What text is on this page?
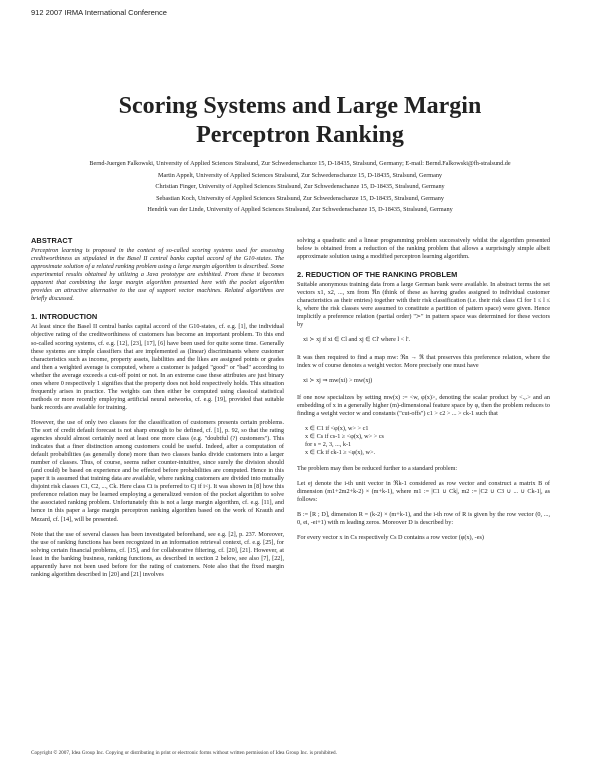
912 2007 IRMA International Conference
Scoring Systems and Large Margin
Perceptron Ranking
Bernd-Juergen Falkowski, University of Applied Sciences Stralsund, Zur Schwedenschanze 15, D-18435, Stralsund, Germany; E-mail: Bernd.Falkowski@fh-stralsund.de
Martin Appelt, University of Applied Sciences Stralsund, Zur Schwedenschanze 15, D-18435, Stralsund, Germany
Christian Finger, University of Applied Sciences Stralsund, Zur Schwedenschanze 15, D-18435, Stralsund, Germany
Sebastian Koch, University of Applied Sciences Stralsund, Zur Schwedenschanze 15, D-18435, Stralsund, Germany
Hendrik van der Linde, University of Applied Sciences Stralsund, Zur Schwedenschanze 15, D-18435, Stralsund, Germany
ABSTRACT

Perceptron learning is proposed in the context of so-called scoring systems used for assessing creditworthiness as stipulated in the Basel II central banks capital accord of the G10-states. The approximate solution of a related ranking problem using a large margin algorithm is described. Some experimental results obtained by utilizing a Java prototype are exhibited. From these it becomes apparent that combining the large margin algorithm presented here with the pocket algorithm provides an attractive alternative to the use of support vector machines. Related algorithms are briefly discussed.

1. INTRODUCTION

At least since the Basel II central banks capital accord of the G10-states, cf. e.g. [1], the individual objective rating of the creditworthiness of customers has become an important problem. To this end so-called scoring systems, cf. e.g. [12], [23], [17], [6] have been used for quite some time. Generally these systems are simple classifiers that are implemented as (linear) discriminants where customer characteristics such as income, property assets, liabilities and the likes are assigned points or grades and then a weighted average is computed, where a customer is judged "good" or "bad" according to whether the average exceeds a cut-off point or not. In an extreme case these attributes are just binary ones where 0 respectively 1 signifies that the property does not hold respectively holds. This situation frequently arises in practice. The weights can then either be computed using classical statistical methods or more recently employing artificial neural networks, cf. e.g. [19], provided that suitable bank records are available for training.

However, the use of only two classes for the classification of customers presents certain problems. The sort of credit default forecast is not sharp enough to be defined, cf. [1], p. 92, so that the rating agencies should almost certainly need at least one more class (e.g. "doubtful (?) customers"). This indicates that a finer distinction among customers could be useful. Indeed, after a computation of default probabilities (as generally done) more than two classes banks divide customers into a larger number of classes. Thus, of course, seems rather counter-intuitive, since surely the division should (and could) be based on experience and be effected before probabilities are computed. Hence in this paper it is assumed that training data are available, where ranking customers are divided into mutually disjoint risk classes C1, C2, ..., Ck. Here class Ci is preferred to Cj if i<j. It was shown in [8] how this preference relation may be learned employing a generalized version of the pocket algorithm to solve the associated ranking problem. Unfortunately this is not a large margin algorithm, cf. e.g. [11], and hence in this paper a large margin perceptron ranking algorithm based on the work of Krauth and Mezard, cf. [14], will be presented.

Note that the use of several classes has been investigated beforehand, see e.g. [2], p. 237. Moreover, the use of ranking functions has been recognized in an information retrieval context, cf. e.g. [25], for solving certain financial problems, cf. [15], and for collaborative filtering, cf. [20], [21]. However, at least in the banking business, ranking functions, as described in section 2 below, see also [7], [22], apparently have not been used before for the rating of customers. Note also that the fixed margin ranking algorithm described in [20] and [21] involves

solving a quadratic and a linear programming problem successively whilst the algorithm presented below is obtained from a reduction of the ranking problem that allows a surprisingly simple albeit approximate solution using a modified perceptron learning algorithm.

2. REDUCTION OF THE RANKING PROBLEM

Suitable anonymous training data from a large German bank were available. In abstract terms the set vectors x1, x2, ..., xm from ℜn (think of these as having grades assigned to individual customer characteristics as their entries) together with their risk classification (i.e. their risk class Cl for 1 ≤ l ≤ k, where the risk classes were assumed to constitute a partition of pattern space) were given. Hence implicitly a preference relation (partial order) "≻" in pattern space was determined for these vectors by

xi ≻ xj if xi ∈ Cl and xj ∈ Cl' where l < l'.

It was then required to find a map mw: ℜn → ℜ that preserves this preference relation, where the index w of course denotes a weight vector. More precisely one must have

xi ≻ xj ⇒ mw(xi) > mw(xj)

If one now specializes by setting mw(x) := <w, φ(x)>, denoting the scalar product by <.,.> and an embedding of x in a generally higher (m)-dimensional feature space by φ, then the problem reduces to finding a weight vector w and constants ("cut-offs") c1 > c2 > ... > ck-1 such that

x ∈ C1 if <φ(x), w> > c1
x ∈ Cs if cs-1 ≥ <φ(x), w> > cs
for s = 2, 3, ..., k-1
x ∈ Ck if ck-1 ≥ <φ(x), w>.

The problem may then be reduced further to a standard problem:

Let ej denote the i-th unit vector in ℜk-1 considered as row vector and construct a matrix B of dimension (m1+2m2+k-2) × (m+k-1), where m1 := |C1 ∪ Ck|, m2 := |C2 ∪ C3 ∪ ... ∪ Ck-1|, as follows:

B := [R ; D], dimension R = (k-2) × (m+k-1), and the i-th row of R is given by the row vector (0, ..., 0, ei, -ei+1) with m leading zeros. Moreover D is described by:

For every vector x in Cs respectively Cs D contains a row vector (φ(x), -es)

Copyright © 2007, Idea Group Inc. Copying or distributing in print or electronic forms without written permission of Idea Group Inc. is prohibited.
